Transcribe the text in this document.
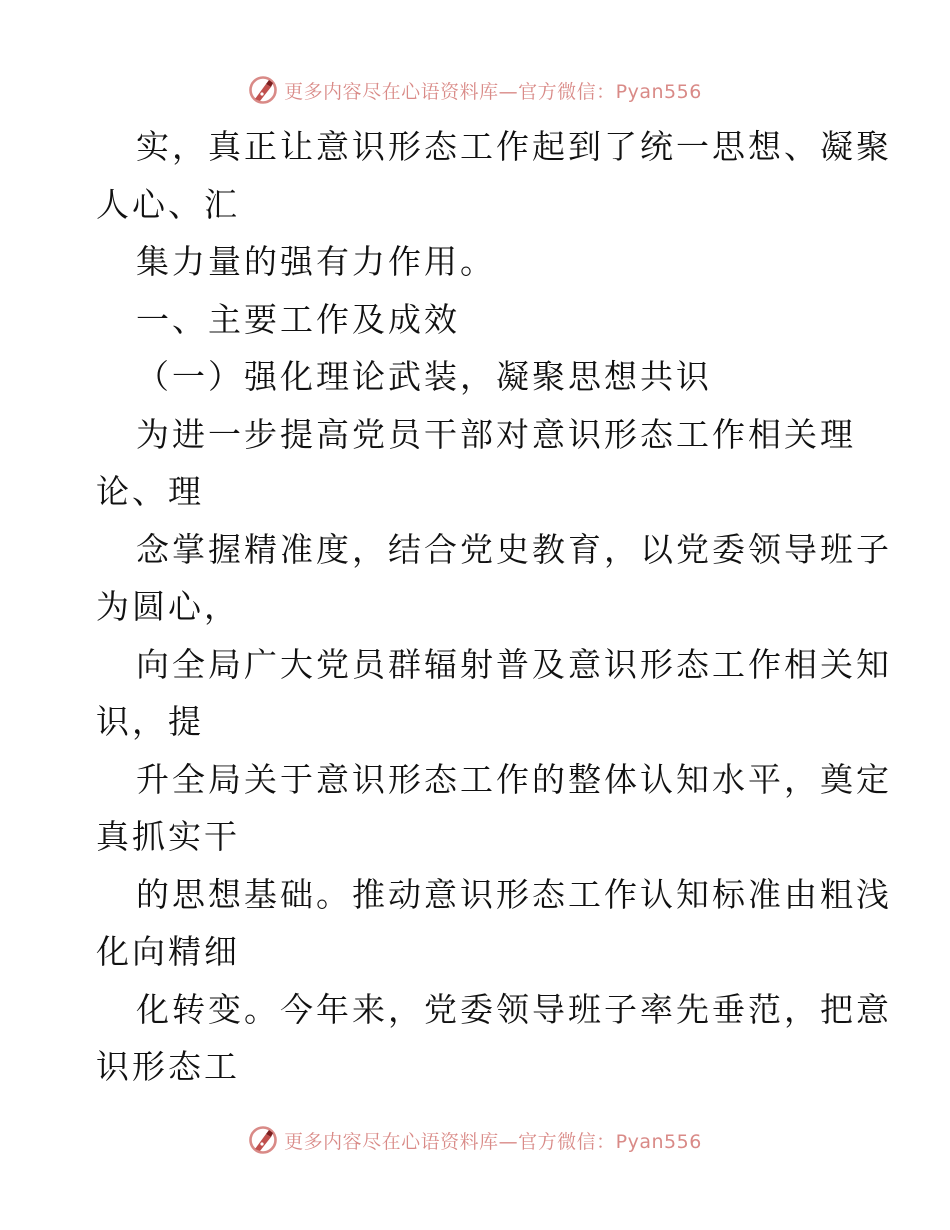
更多内容尽在心语资料库—官方微信：Pyan556
实，真正让意识形态工作起到了统一思想、凝聚
人心、汇
集力量的强有力作用。
一、主要工作及成效
（一）强化理论武装，凝聚思想共识
为进一步提高党员干部对意识形态工作相关理
论、理
念掌握精准度，结合党史教育，以党委领导班子
为圆心，
向全局广大党员群辐射普及意识形态工作相关知
识，提
升全局关于意识形态工作的整体认知水平，奠定
真抓实干
的思想基础。推动意识形态工作认知标准由粗浅
化向精细
化转变。今年来，党委领导班子率先垂范，把意
识形态工
更多内容尽在心语资料库—官方微信：Pyan556
